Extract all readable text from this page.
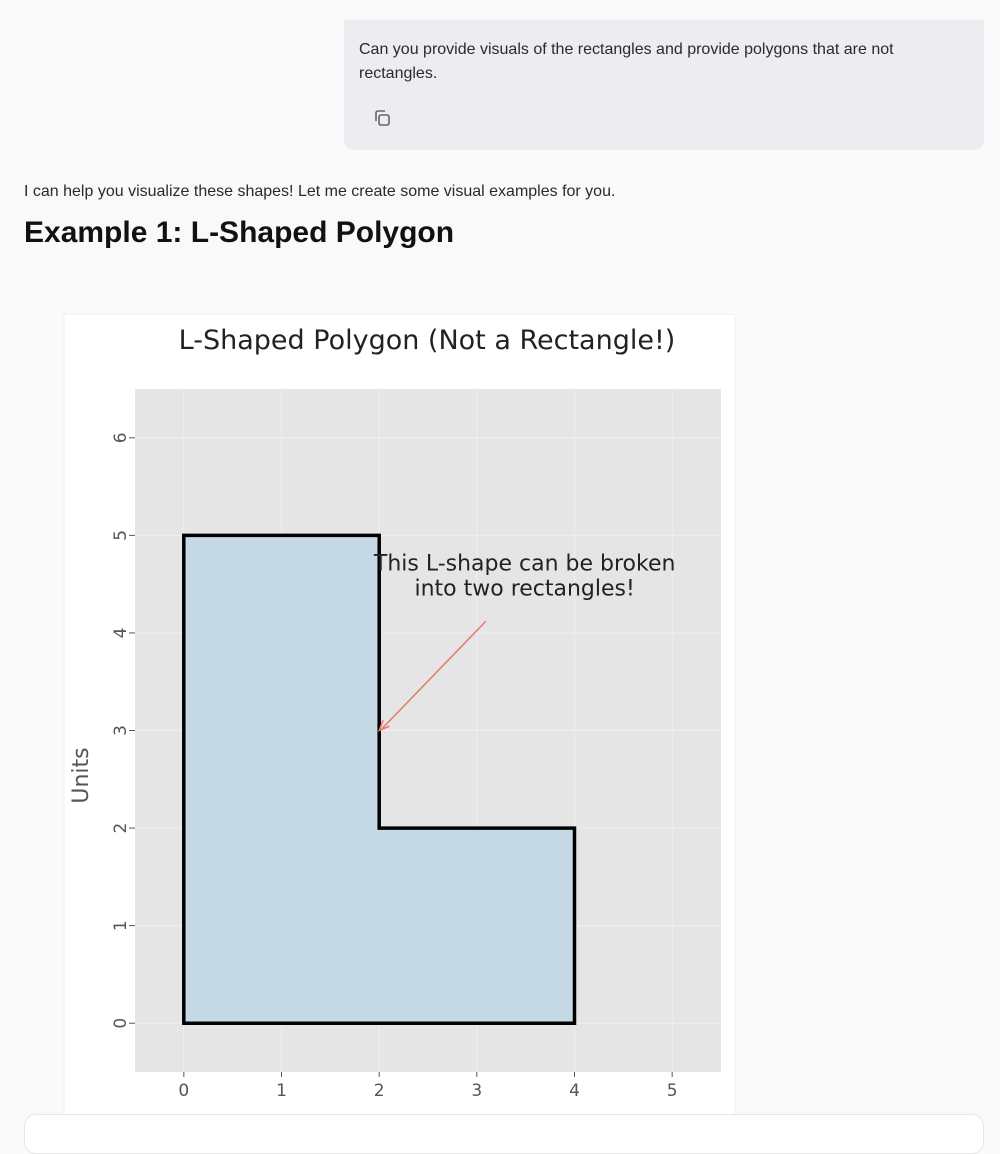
Can you provide visuals of the rectangles and provide polygons that are not rectangles.
I can help you visualize these shapes! Let me create some visual examples for you.
Example 1: L-Shaped Polygon
0	1	2	3	4	5
0
1
2
3
4
5
6
Units
L-Shaped Polygon (Not a Rectangle!)
This L-shape can be broken into two rectangles!
